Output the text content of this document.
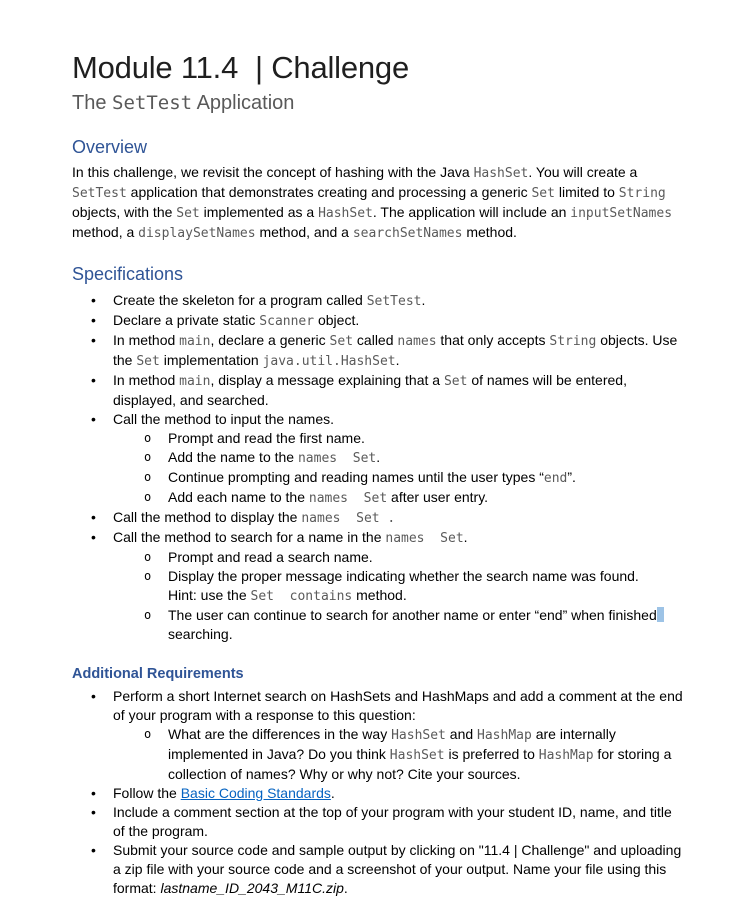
Module 11.4  | Challenge
The SetTest Application
Overview

In this challenge, we revisit the concept of hashing with the Java HashSet. You will create a SetTest application that demonstrates creating and processing a generic Set limited to String objects, with the Set implemented as a HashSet. The application will include an inputSetNames method, a displaySetNames method, and a searchSetNames method.

Specifications
• Create the skeleton for a program called SetTest.
• Declare a private static Scanner object.
• In method main, declare a generic Set called names that only accepts String objects. Use the Set implementation java.util.HashSet.
• In method main, display a message explaining that a Set of names will be entered, displayed, and searched.
• Call the method to input the names.
o Prompt and read the first name.
o Add the name to the names  Set.
o Continue prompting and reading names until the user types “end”.
o Add each name to the names  Set after user entry.
• Call the method to display the names  Set .
• Call the method to search for a name in the names  Set.
o Prompt and read a search name.
o Display the proper message indicating whether the search name was found.
Hint: use the Set  contains method.
o The user can continue to search for another name or enter “end” when finished
searching.
Additional Requirements
• Perform a short Internet search on HashSets and HashMaps and add a comment at the end of your program with a response to this question:
o What are the differences in the way HashSet and HashMap are internally implemented in Java? Do you think HashSet is preferred to HashMap for storing a collection of names? Why or why not? Cite your sources.
• Follow the Basic Coding Standards.
• Include a comment section at the top of your program with your student ID, name, and title of the program.
• Submit your source code and sample output by clicking on "11.4 | Challenge" and uploading a zip file with your source code and a screenshot of your output. Name your file using this format: lastname_ID_2043_M11C.zip.
